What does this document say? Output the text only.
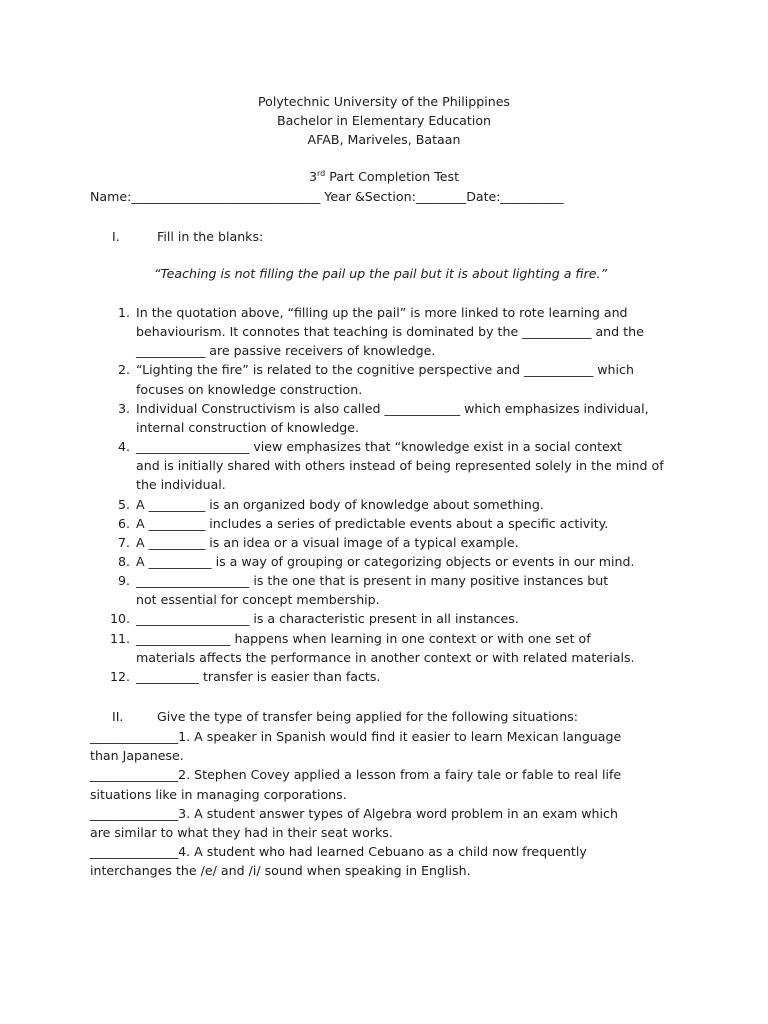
Polytechnic University of the Philippines
Bachelor in Elementary Education
AFAB, Mariveles, Bataan
3rd Part Completion Test
Name:______________________________ Year &Section:________Date:__________
I.	Fill in the blanks:
“Teaching is not filling the pail up the pail but it is about lighting a fire.”
1. In the quotation above, “filling up the pail” is more linked to rote learning and
behaviourism. It connotes that teaching is dominated by the ___________ and the
___________ are passive receivers of knowledge.
2. “Lighting the fire” is related to the cognitive perspective and ___________ which
focuses on knowledge construction.
3. Individual Constructivism is also called ____________ which emphasizes individual,
internal construction of knowledge.
4. __________________ view emphasizes that “knowledge exist in a social context
and is initially shared with others instead of being represented solely in the mind of
the individual.
5. A _________ is an organized body of knowledge about something.
6. A _________ includes a series of predictable events about a specific activity.
7. A _________ is an idea or a visual image of a typical example.
8. A __________ is a way of grouping or categorizing objects or events in our mind.
9. __________________ is the one that is present in many positive instances but
not essential for concept membership.
10. __________________ is a characteristic present in all instances.
11. _______________ happens when learning in one context or with one set of
materials affects the performance in another context or with related materials.
12. __________ transfer is easier than facts.
II.	Give the type of transfer being applied for the following situations:
______________1. A speaker in Spanish would find it easier to learn Mexican language
than Japanese.
______________2. Stephen Covey applied a lesson from a fairy tale or fable to real life
situations like in managing corporations.
______________3. A student answer types of Algebra word problem in an exam which
are similar to what they had in their seat works.
______________4. A student who had learned Cebuano as a child now frequently
interchanges the /e/ and /i/ sound when speaking in English.
